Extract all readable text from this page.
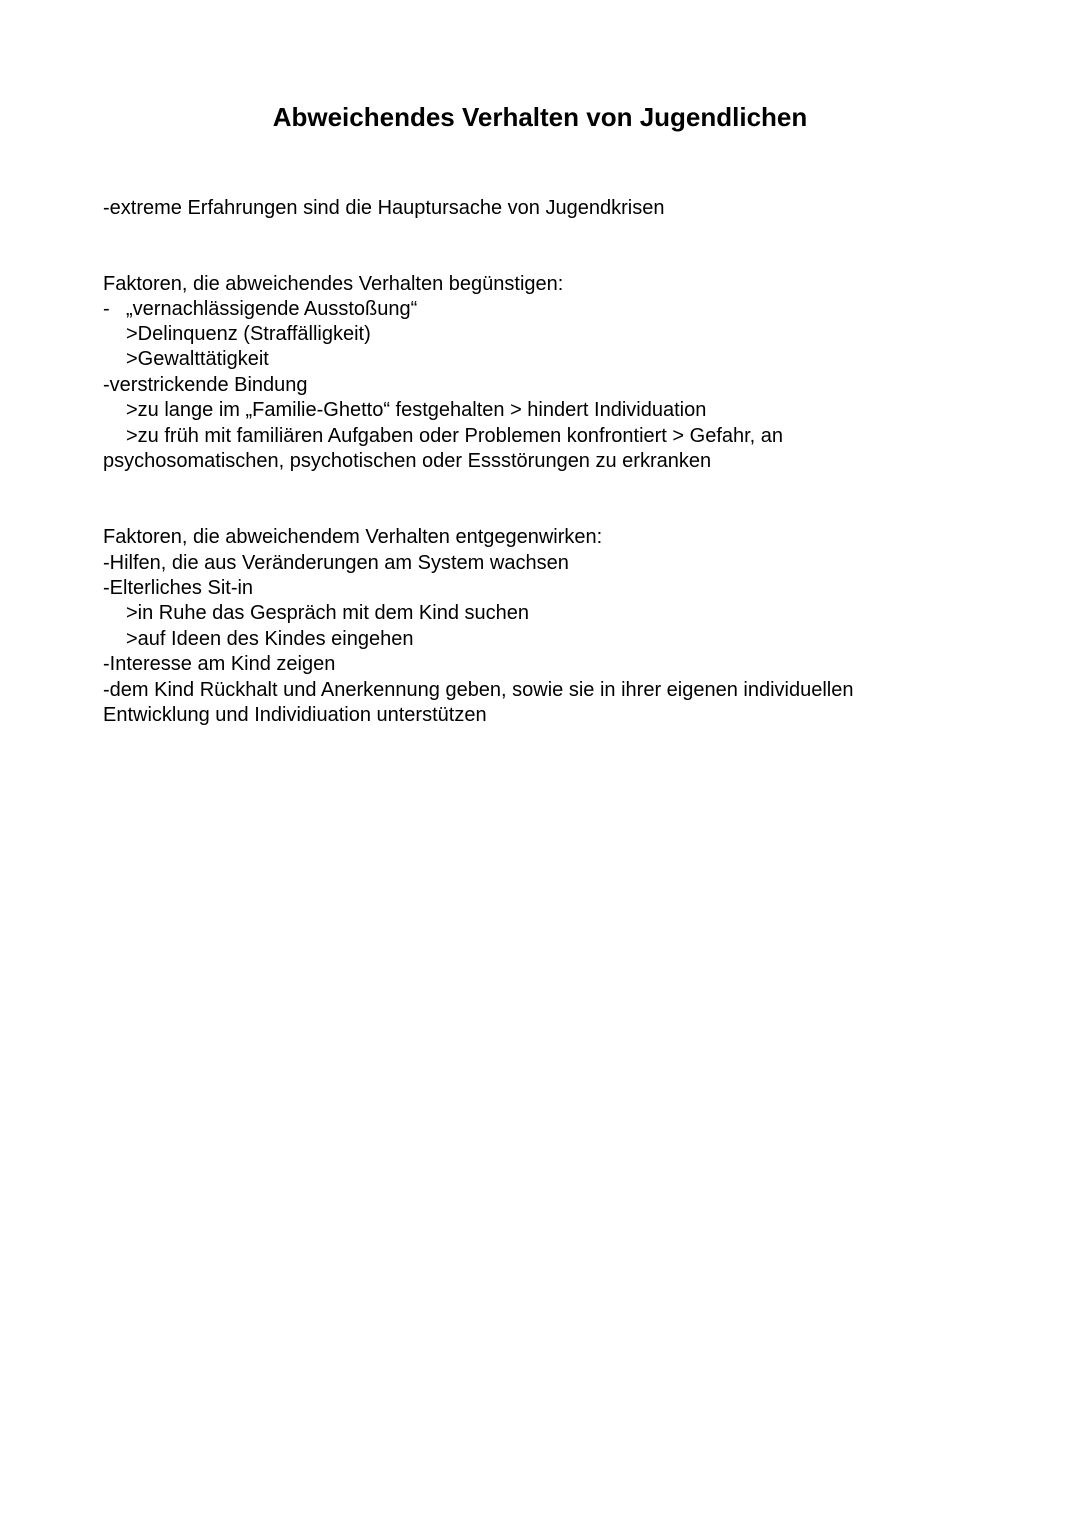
Abweichendes Verhalten von Jugendlichen
-extreme Erfahrungen sind die Hauptursache von Jugendkrisen
Faktoren, die abweichendes Verhalten begünstigen:
- „vernachlässigende Ausstoßung“
>Delinquenz (Straffälligkeit)
>Gewalttätigkeit
-verstrickende Bindung
>zu lange im „Familie-Ghetto“ festgehalten > hindert Individuation
>zu früh mit familiären Aufgaben oder Problemen konfrontiert > Gefahr, an
psychosomatischen, psychotischen oder Essstörungen zu erkranken
Faktoren, die abweichendem Verhalten entgegenwirken:
-Hilfen, die aus Veränderungen am System wachsen
-Elterliches Sit-in
>in Ruhe das Gespräch mit dem Kind suchen
>auf Ideen des Kindes eingehen
-Interesse am Kind zeigen
-dem Kind Rückhalt und Anerkennung geben, sowie sie in ihrer eigenen individuellen
Entwicklung und Individiuation unterstützen
